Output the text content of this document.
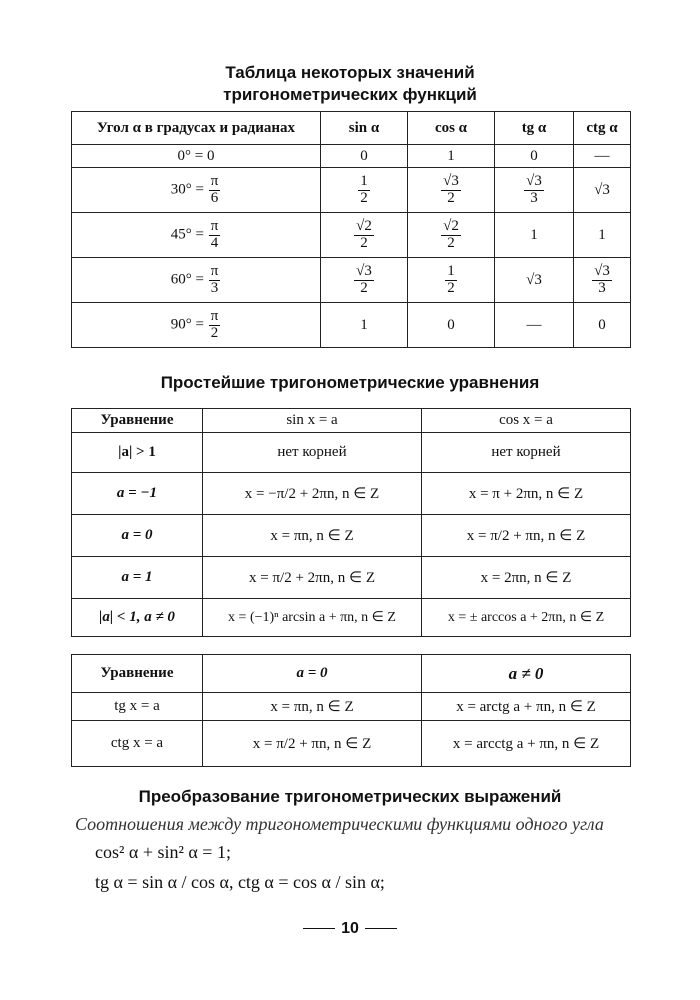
Таблица некоторых значений
тригонометрических функций
Угол α в градусах и радианах	sin α	cos α	tg α	ctg α
0° = 0	0	1	0	—
$30^\circ = \frac{\pi}{6}$	$\frac{1}{2}$	$\frac{√3}{2}$	$\frac{√3}{3}$	√3
$45^\circ = \frac{\pi}{4}$	$\frac{√2}{2}$	$\frac{√2}{2}$	1	1
$60^\circ = \frac{\pi}{3}$	$\frac{√3}{2}$	$\frac{1}{2}$	√3	$\frac{√3}{3}$

$90^\circ = \frac{\pi}{2}$	1	0	—	0
Простейшие тригонометрические уравнения
Уравнение	sin x = a	cos x = a
|a| > 1	нет корней	нет корней
a = −1	x = −π/2 + 2πn, n ∈ Z	x = π + 2πn, n ∈ Z
a = 0	x = πn, n ∈ Z	x = π/2 + πn, n ∈ Z
a = 1	x = π/2 + 2πn, n ∈ Z	x = 2πn, n ∈ Z
|a| < 1, a ≠ 0	x = (−1)ⁿ arcsin a + πn, n ∈ Z	x = ± arccos a + 2πn, n ∈ Z
Уравнение	a = 0	a ≠ 0
tg x = a	x = πn, n ∈ Z	x = arctg a + πn, n ∈ Z
ctg x = a	x = π/2 + πn, n ∈ Z	x = arcctg a + πn, n ∈ Z
Преобразование тригонометрических выражений
Соотношения между тригонометрическими функциями одного угла
cos² α + sin² α = 1;
tg α = sin α / cos α, ctg α = cos α / sin α;
10
